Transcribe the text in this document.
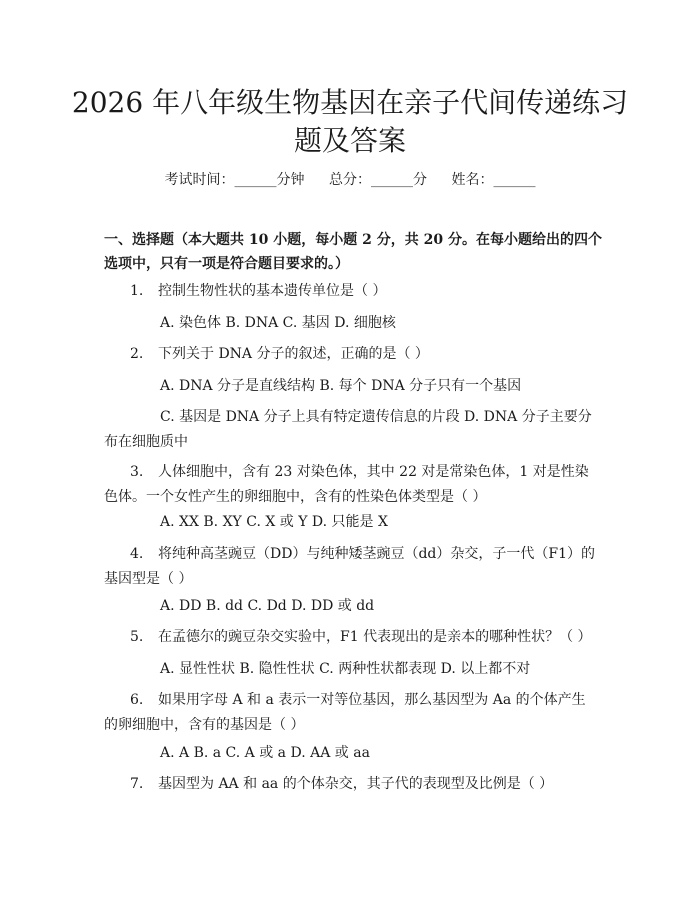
2026 年八年级生物基因在亲子代间传递练习题及答案
考试时间：______分钟 总分：______分 姓名：______

一、选择题（本大题共 10 小题，每小题 2 分，共 20 分。在每小题给出的四个选项中，只有一项是符合题目要求的。）

1. 控制生物性状的基本遗传单位是（ ）
A. 染色体 B. DNA C. 基因 D. 细胞核
2. 下列关于 DNA 分子的叙述，正确的是（ ）
A. DNA 分子是直线结构 B. 每个 DNA 分子只有一个基因
C. 基因是 DNA 分子上具有特定遗传信息的片段 D. DNA 分子主要分布在细胞质中
3. 人体细胞中，含有 23 对染色体，其中 22 对是常染色体，1 对是性染色体。一个女性产生的卵细胞中，含有的性染色体类型是（ ）
A. XX B. XY C. X 或 Y D. 只能是 X
4. 将纯种高茎豌豆（DD）与纯种矮茎豌豆（dd）杂交，子一代（F1）的基因型是（ ）
A. DD B. dd C. Dd D. DD 或 dd
5. 在孟德尔的豌豆杂交实验中，F1 代表现出的是亲本的哪种性状？（ ）
A. 显性性状 B. 隐性性状 C. 两种性状都表现 D. 以上都不对
6. 如果用字母 A 和 a 表示一对等位基因，那么基因型为 Aa 的个体产生的卵细胞中，含有的基因是（ ）
A. A B. a C. A 或 a D. AA 或 aa
7. 基因型为 AA 和 aa 的个体杂交，其子代的表现型及比例是（ ）
